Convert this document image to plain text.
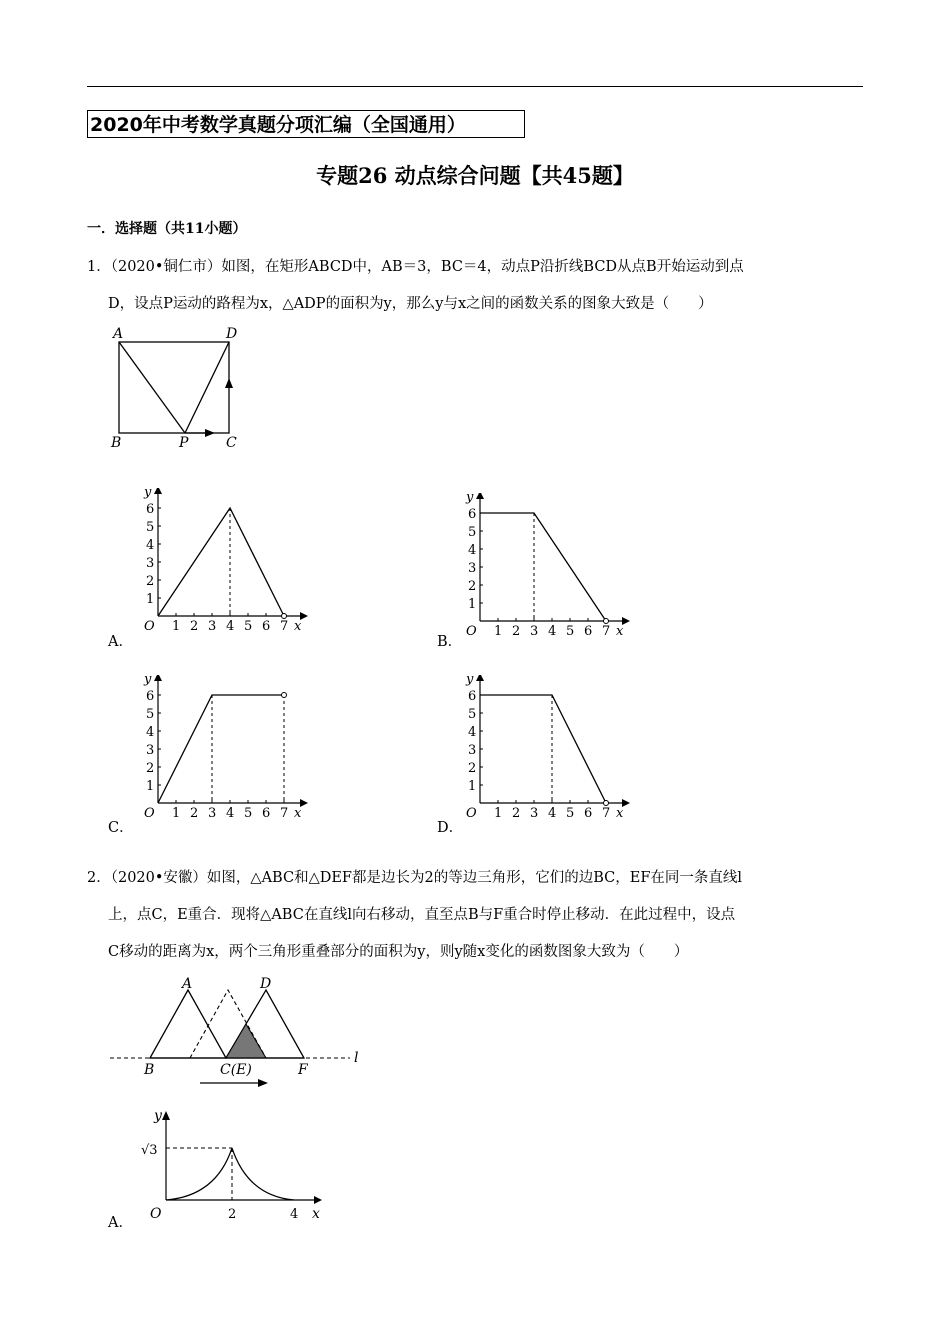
2020年中考数学真题分项汇编（全国通用）
专题26 动点综合问题【共45题】
一．选择题（共11小题）
1．（2020•铜仁市）如图，在矩形ABCD中，AB＝3，BC＝4，动点P沿折线BCD从点B开始运动到点
D，设点P运动的路程为x，△ADP的面积为y，那么y与x之间的函数关系的图象大致是（　　）
A	D
B	P	C
1 2 3 4 5 6 7
1
2
3
4
5
6
O	x
y
1 2 3 4 5 6 7
1
2
3
4
5
6
O	x
y
1 2 3 4 5 6 7
1
2
3
4
5
6
O	x
y
1 2 3 4 5 6 7
1
2
3
4
5
6
O	x
y
A．	B．
C．	D．
2．（2020•安徽）如图，△ABC和△DEF都是边长为2的等边三角形，它们的边BC，EF在同一条直线l
上，点C，E重合．现将△ABC在直线l向右移动，直至点B与F重合时停止移动．在此过程中，设点
C移动的距离为x，两个三角形重叠部分的面积为y，则y随x变化的函数图象大致为（　　）
A	D
B	C(E)	F
l
y
x
O
√3
2	4
A．
